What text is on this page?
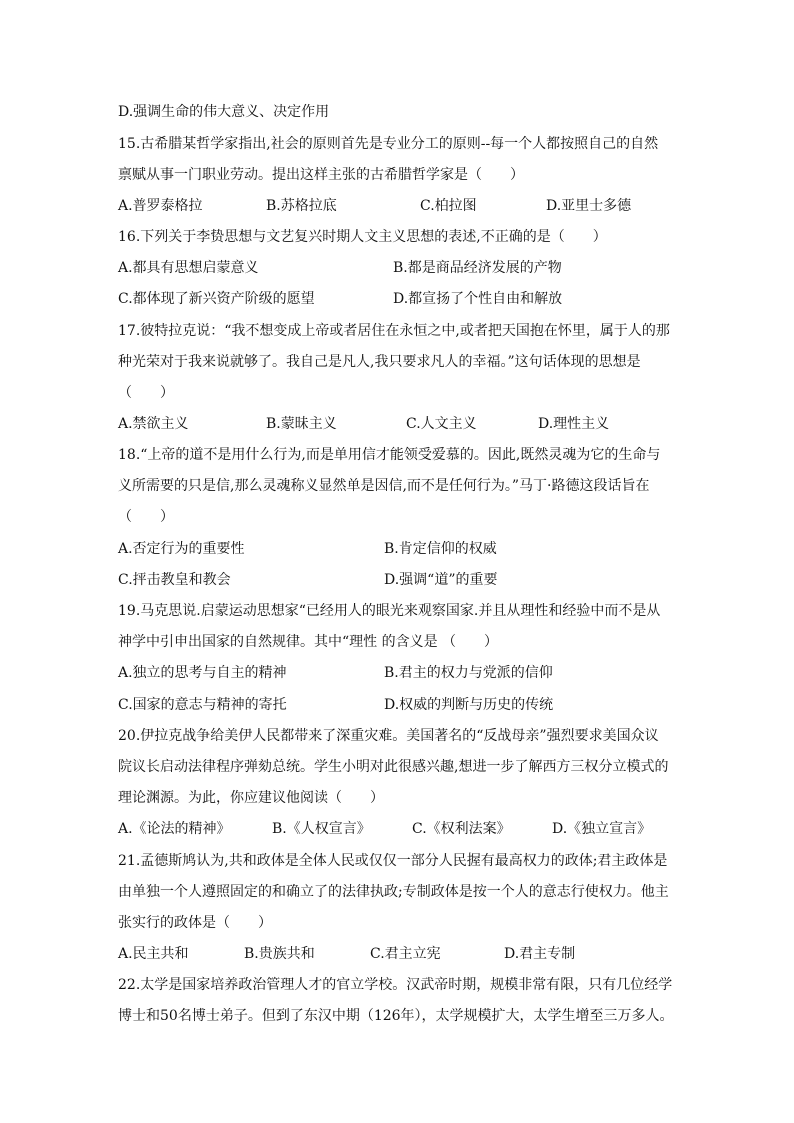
D.强调生命的伟大意义、决定作用
15.古希腊某哲学家指出,社会的原则首先是专业分工的原则--每一个人都按照自己的自然
禀赋从事一门职业劳动。提出这样主张的古希腊哲学家是（　　）
A.普罗泰格拉	B.苏格拉底	C.柏拉图	D.亚里士多德
16.下列关于李贽思想与文艺复兴时期人文主义思想的表述,不正确的是（　　）
A.都具有思想启蒙意义	B.都是商品经济发展的产物
C.都体现了新兴资产阶级的愿望	D.都宣扬了个性自由和解放
17.彼特拉克说：“我不想变成上帝或者居住在永恒之中,或者把天国抱在怀里，属于人的那
种光荣对于我来说就够了。我自己是凡人,我只要求凡人的幸福。”这句话体现的思想是
（　　）
A.禁欲主义	B.蒙昧主义	C.人文主义	D.理性主义
18.“上帝的道不是用什么行为,而是单用信才能领受爱慕的。因此,既然灵魂为它的生命与
义所需要的只是信,那么灵魂称义显然单是因信,而不是任何行为。”马丁·路德这段话旨在
（　　）
A.否定行为的重要性	B.肯定信仰的权威
C.抨击教皇和教会	D.强调“道”的重要
19.马克思说.启蒙运动思想家“已经用人的眼光来观察国家.并且从理性和经验中而不是从
神学中引申出国家的自然规律。其中“理性 的含义是 （　　）
A.独立的思考与自主的精神	B.君主的权力与党派的信仰
C.国家的意志与精神的寄托	D.权威的判断与历史的传统
20.伊拉克战争给美伊人民都带来了深重灾难。美国著名的“反战母亲”强烈要求美国众议
院议长启动法律程序弹劾总统。学生小明对此很感兴趣,想进一步了解西方三权分立模式的
理论渊源。为此，你应建议他阅读（　　）
A.《论法的精神》	B.《人权宣言》	C.《权利法案》	D.《独立宣言》
21.孟德斯鸠认为,共和政体是全体人民或仅仅一部分人民握有最高权力的政体;君主政体是
由单独一个人遵照固定的和确立了的法律执政;专制政体是按一个人的意志行使权力。他主
张实行的政体是（　　）
A.民主共和	B.贵族共和	C.君主立宪	D.君主专制
22.太学是国家培养政治管理人才的官立学校。汉武帝时期，规模非常有限，只有几位经学
博士和50名博士弟子。但到了东汉中期（126年），太学规模扩大，太学生增至三万多人。
